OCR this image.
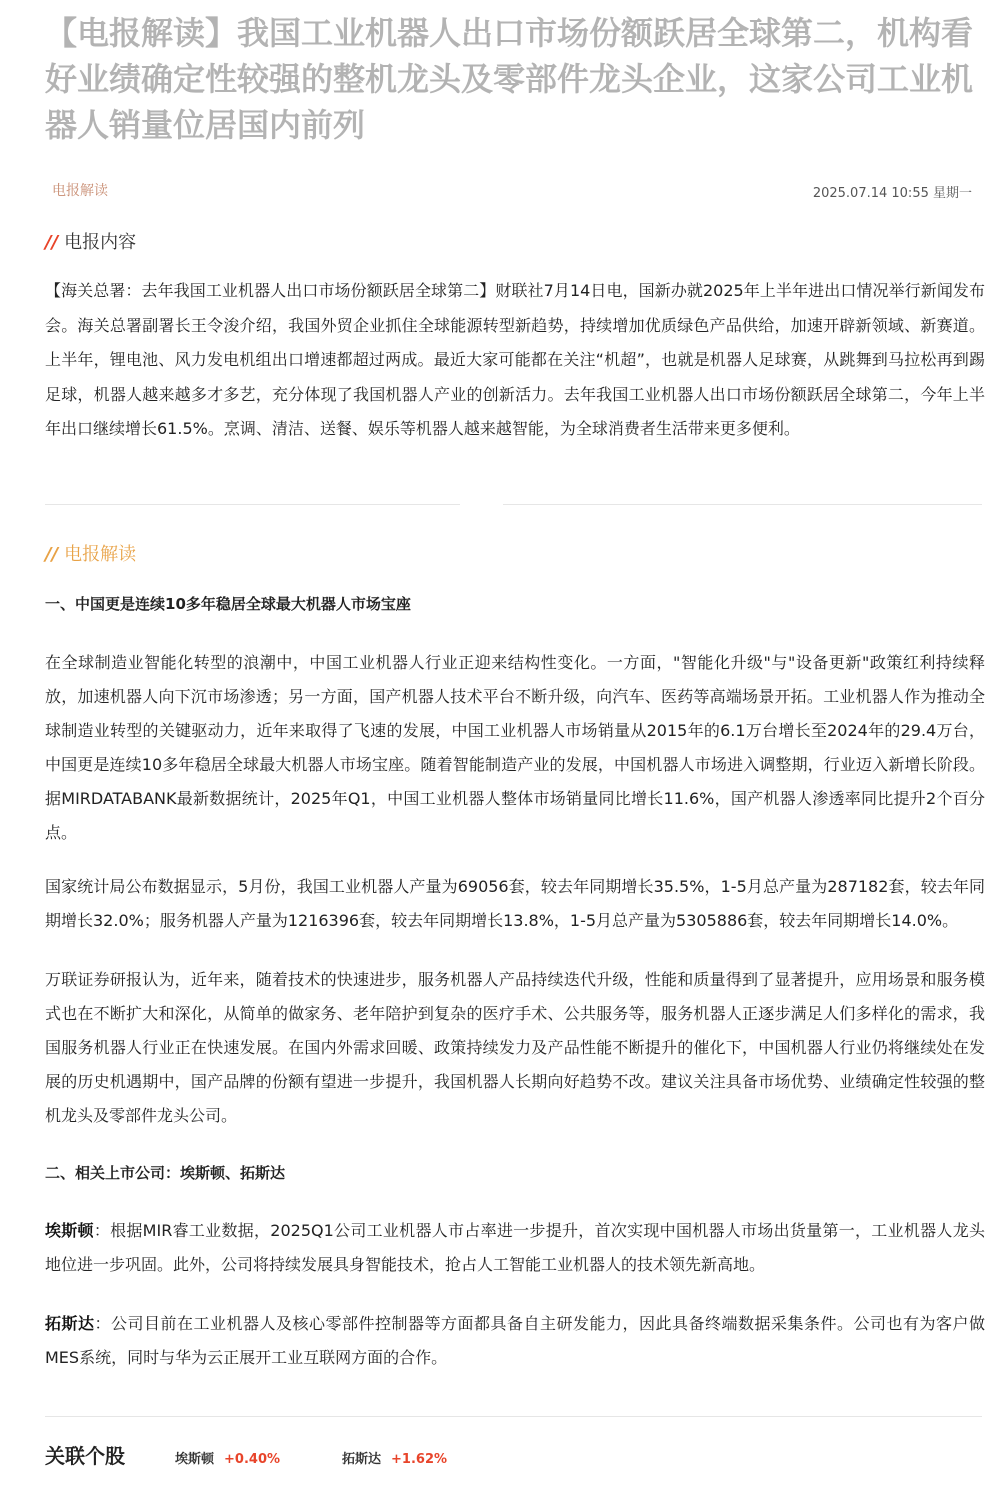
【电报解读】我国工业机器人出口市场份额跃居全球第二，机构看好业绩确定性较强的整机龙头及零部件龙头企业，这家公司工业机器人销量位居国内前列
电报解读	2025.07.14 10:55 星期一
// 电报内容

【海关总署：去年我国工业机器人出口市场份额跃居全球第二】财联社7月14日电，国新办就2025年上半年进出口情况举行新闻发布会。海关总署副署长王令浚介绍，我国外贸企业抓住全球能源转型新趋势，持续增加优质绿色产品供给，加速开辟新领域、新赛道。上半年，锂电池、风力发电机组出口增速都超过两成。最近大家可能都在关注“机超”，也就是机器人足球赛，从跳舞到马拉松再到踢足球，机器人越来越多才多艺，充分体现了我国机器人产业的创新活力。去年我国工业机器人出口市场份额跃居全球第二，今年上半年出口继续增长61.5%。烹调、清洁、送餐、娱乐等机器人越来越智能，为全球消费者生活带来更多便利。

// 电报解读
一、中国更是连续10多年稳居全球最大机器人市场宝座

在全球制造业智能化转型的浪潮中，中国工业机器人行业正迎来结构性变化。一方面，"智能化升级"与"设备更新"政策红利持续释放，加速机器人向下沉市场渗透；另一方面，国产机器人技术平台不断升级，向汽车、医药等高端场景开拓。工业机器人作为推动全球制造业转型的关键驱动力，近年来取得了飞速的发展，中国工业机器人市场销量从2015年的6.1万台增长至2024年的29.4万台，中国更是连续10多年稳居全球最大机器人市场宝座。随着智能制造产业的发展，中国机器人市场进入调整期，行业迈入新增长阶段。据MIRDATABANK最新数据统计，2025年Q1，中国工业机器人整体市场销量同比增长11.6%，国产机器人渗透率同比提升2个百分点。

国家统计局公布数据显示，5月份，我国工业机器人产量为69056套，较去年同期增长35.5%，1-5月总产量为287182套，较去年同期增长32.0%；服务机器人产量为1216396套，较去年同期增长13.8%，1-5月总产量为5305886套，较去年同期增长14.0%。

万联证券研报认为，近年来，随着技术的快速进步，服务机器人产品持续迭代升级，性能和质量得到了显著提升，应用场景和服务模式也在不断扩大和深化，从简单的做家务、老年陪护到复杂的医疗手术、公共服务等，服务机器人正逐步满足人们多样化的需求，我国服务机器人行业正在快速发展。在国内外需求回暖、政策持续发力及产品性能不断提升的催化下，中国机器人行业仍将继续处在发展的历史机遇期中，国产品牌的份额有望进一步提升，我国机器人长期向好趋势不改。建议关注具备市场优势、业绩确定性较强的整机龙头及零部件龙头公司。

二、相关上市公司：埃斯顿、拓斯达

埃斯顿：根据MIR睿工业数据，2025Q1公司工业机器人市占率进一步提升，首次实现中国机器人市场出货量第一，工业机器人龙头地位进一步巩固。此外，公司将持续发展具身智能技术，抢占人工智能工业机器人的技术领先新高地。

拓斯达：公司目前在工业机器人及核心零部件控制器等方面都具备自主研发能力，因此具备终端数据采集条件。公司也有为客户做MES系统，同时与华为云正展开工业互联网方面的合作。

关联个股	埃斯顿 +0.40%	拓斯达 +1.62%
